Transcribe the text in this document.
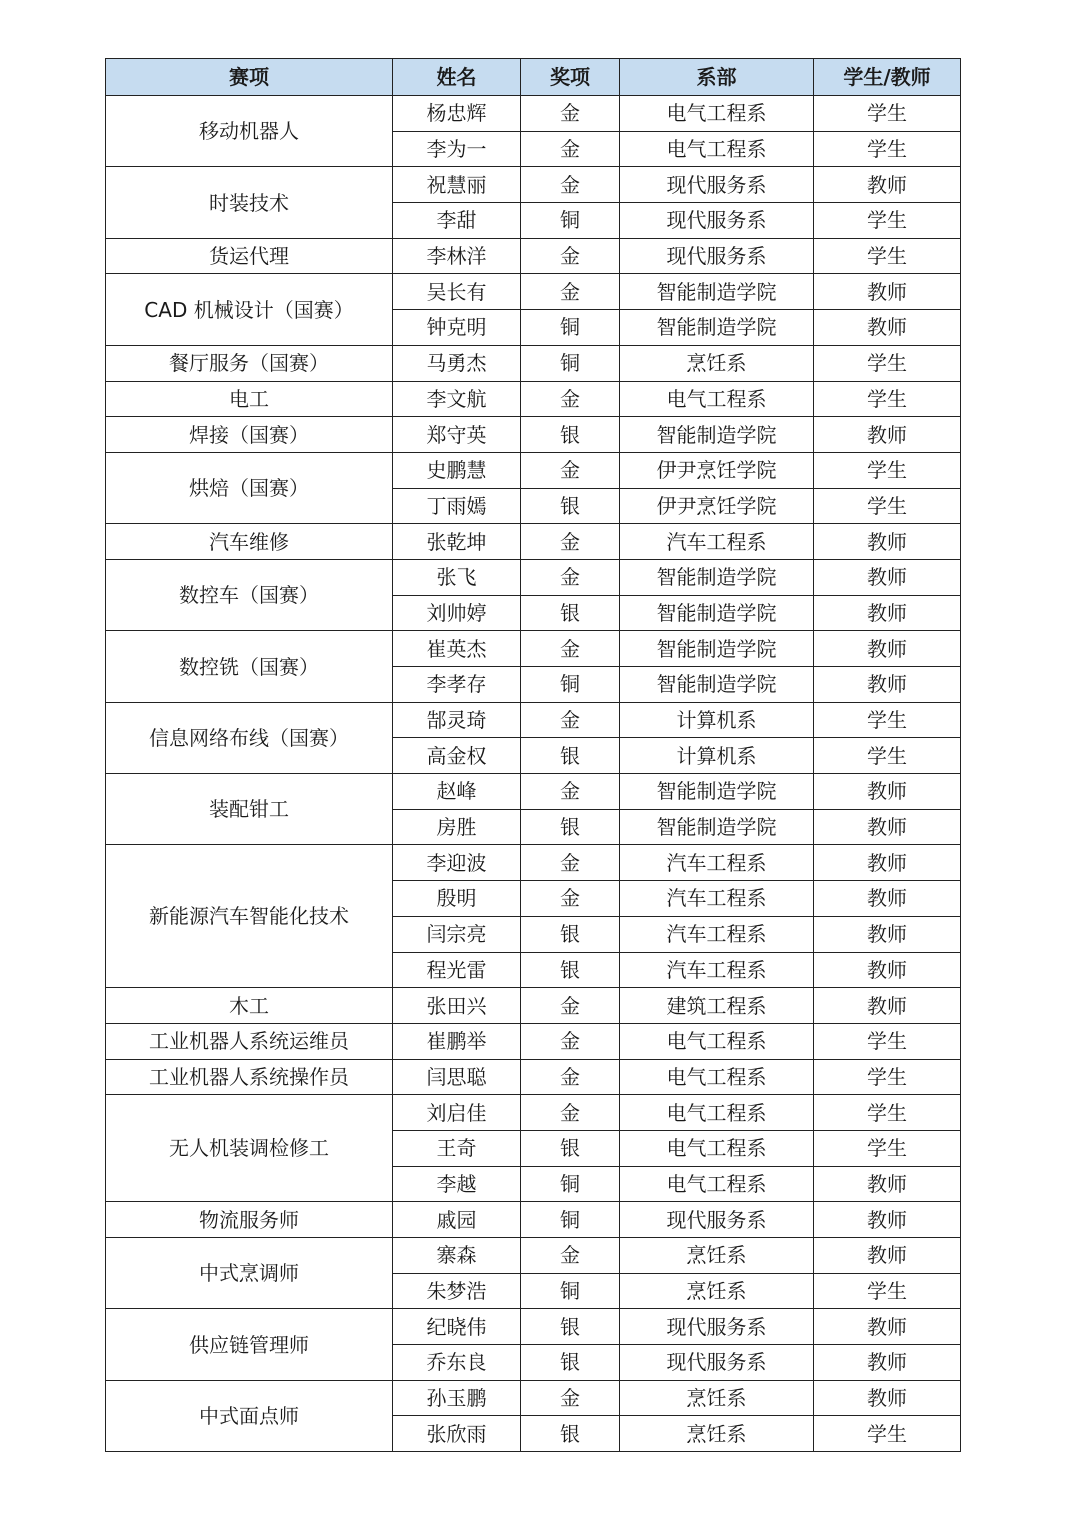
赛项	姓名	奖项	系部	学生/教师
移动机器人	杨忠辉	金	电气工程系	学生
	李为一	金	电气工程系	学生
时装技术	祝慧丽	金	现代服务系	教师
	李甜	铜	现代服务系	学生
货运代理	李林洋	金	现代服务系	学生
CAD 机械设计（国赛）	吴长有	金	智能制造学院	教师
	钟克明	铜	智能制造学院	教师
餐厅服务（国赛）	马勇杰	铜	烹饪系	学生
电工	李文航	金	电气工程系	学生
焊接（国赛）	郑守英	银	智能制造学院	教师
烘焙（国赛）	史鹏慧	金	伊尹烹饪学院	学生
	丁雨嫣	银	伊尹烹饪学院	学生
汽车维修	张乾坤	金	汽车工程系	教师
数控车（国赛）	张飞	金	智能制造学院	教师
	刘帅婷	银	智能制造学院	教师
数控铣（国赛）	崔英杰	金	智能制造学院	教师
	李孝存	铜	智能制造学院	教师
信息网络布线（国赛）	郜灵琦	金	计算机系	学生
	高金权	银	计算机系	学生
装配钳工	赵峰	金	智能制造学院	教师
	房胜	银	智能制造学院	教师
新能源汽车智能化技术	李迎波	金	汽车工程系	教师
	殷明	金	汽车工程系	教师
	闫宗亮	银	汽车工程系	教师
	程光雷	银	汽车工程系	教师
木工	张田兴	金	建筑工程系	教师
工业机器人系统运维员	崔鹏举	金	电气工程系	学生
工业机器人系统操作员	闫思聪	金	电气工程系	学生
无人机装调检修工	刘启佳	金	电气工程系	学生
	王奇	银	电气工程系	学生
	李越	铜	电气工程系	教师
物流服务师	戚园	铜	现代服务系	教师
中式烹调师	寨森	金	烹饪系	教师
	朱梦浩	铜	烹饪系	学生
供应链管理师	纪晓伟	银	现代服务系	教师
	乔东良	银	现代服务系	教师
中式面点师	孙玉鹏	金	烹饪系	教师
	张欣雨	银	烹饪系	学生
